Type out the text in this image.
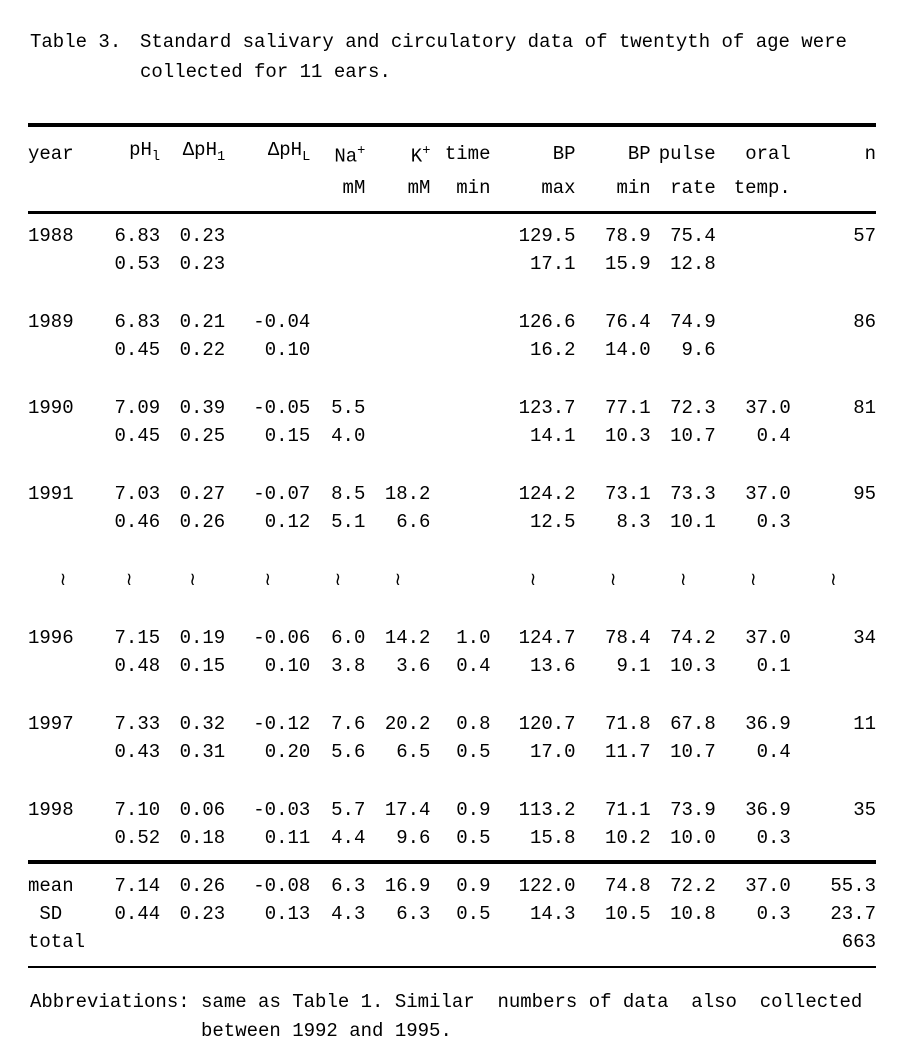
Table 3. Standard salivary and circulatory data of twentyth of age were
collected for 11 ears.
year	$pH_l$	ΔpH$_1$	ΔpH$_L$	Na+	K+	time	BP	BP	pulse	oral	n
				mM	mM	min	max	min	rate	temp.	
1988	6.83	0.23					129.5	78.9	75.4		57
	0.53	0.23					17.1	15.9	12.8		

1989	6.83	0.21	-0.04				126.6	76.4	74.9		86
	0.45	0.22	0.10				16.2	14.0	9.6		

1990	7.09	0.39	-0.05	5.5			123.7	77.1	72.3	37.0	81
	0.45	0.25	0.15	4.0			14.1	10.3	10.7	0.4	

1991	7.03	0.27	-0.07	8.5	18.2		124.2	73.1	73.3	37.0	95
	0.46	0.26	0.12	5.1	6.6		12.5	8.3	10.1	0.3	

≀	≀	≀	≀	≀	≀		≀	≀	≀	≀	≀

1996	7.15	0.19	-0.06	6.0	14.2	1.0	124.7	78.4	74.2	37.0	34
	0.48	0.15	0.10	3.8	3.6	0.4	13.6	9.1	10.3	0.1	

1997	7.33	0.32	-0.12	7.6	20.2	0.8	120.7	71.8	67.8	36.9	11
	0.43	0.31	0.20	5.6	6.5	0.5	17.0	11.7	10.7	0.4	

1998	7.10	0.06	-0.03	5.7	17.4	0.9	113.2	71.1	73.9	36.9	35
	0.52	0.18	0.11	4.4	9.6	0.5	15.8	10.2	10.0	0.3	
mean	7.14	0.26	-0.08	6.3	16.9	0.9	122.0	74.8	72.2	37.0	55.3
SD	0.44	0.23	0.13	4.3	6.3	0.5	14.3	10.5	10.8	0.3	23.7
total											663
Abbreviations: same as Table 1. Similar  numbers of data  also  collected
between 1992 and 1995.
